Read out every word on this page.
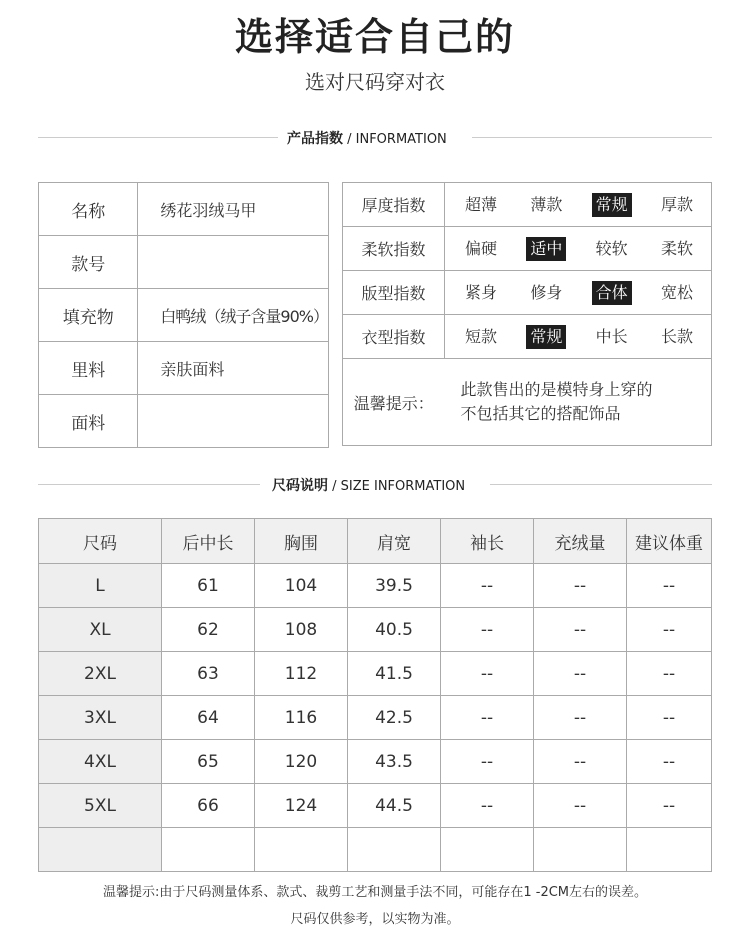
选择适合自己的
选对尺码穿对衣
产品指数 / INFORMATION
名称	绣花羽绒马甲
款号	
填充物	白鸭绒（绒子含量90%）
里料	亲肤面料
面料	
厚度指数	超薄 薄款 常规 厚款

柔软指数	偏硬 适中 较软 柔软

版型指数	紧身 修身 合体 宽松

衣型指数	短款 常规 中长 长款

温馨提示：	此款售出的是模特身上穿的
不包括其它的搭配饰品
尺码说明 / SIZE INFORMATION
尺码	后中长	胸围	肩宽	袖长	充绒量	建议体重
L	61	104	39.5	--	--	--
XL	62	108	40.5	--	--	--
2XL	63	112	41.5	--	--	--
3XL	64	116	42.5	--	--	--
4XL	65	120	43.5	--	--	--
5XL	66	124	44.5	--	--	--

温馨提示:由于尺码测量体系、款式、裁剪工艺和测量手法不同，可能存在1 -2CM左右的误差。
尺码仅供参考，以实物为准。
